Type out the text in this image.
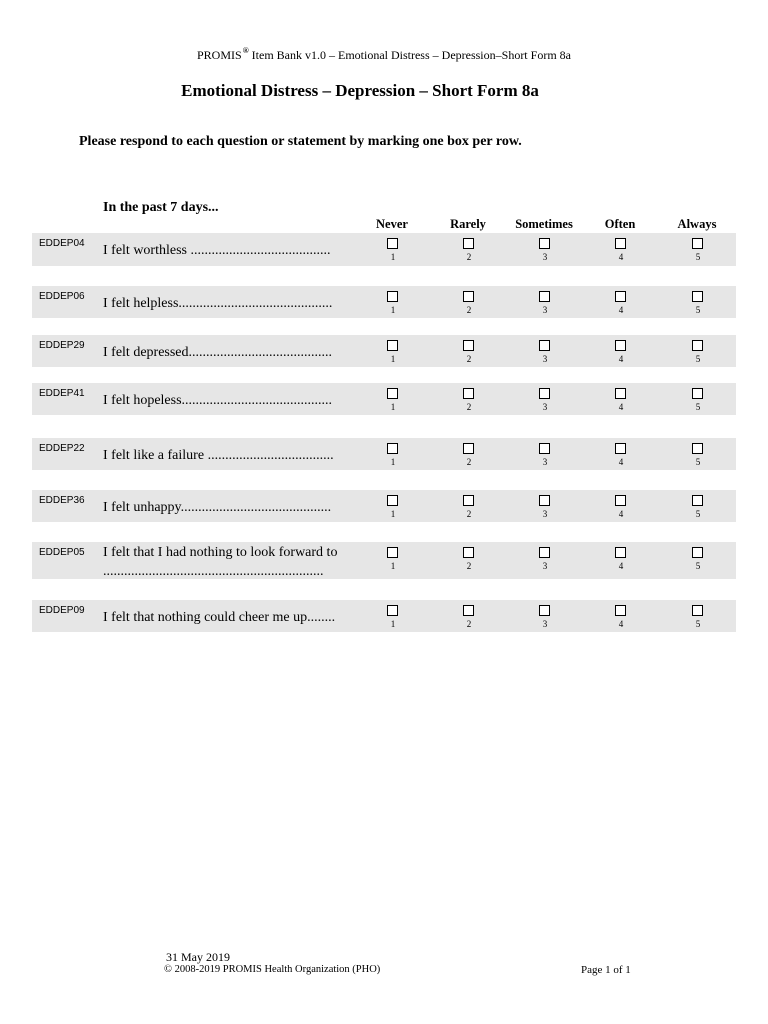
PROMIS® Item Bank v1.0 – Emotional Distress – Depression–Short Form 8a
Emotional Distress – Depression – Short Form 8a
Please respond to each question or statement by marking one box per row.
In the past 7 days...
Never	Rarely	Sometimes	Often	Always
EDDEP04 I felt worthless ........................................	1	2	3	4	5
EDDEP06 I felt helpless............................................	1	2	3	4	5
EDDEP29 I felt depressed.........................................	1	2	3	4	5
EDDEP41 I felt hopeless...........................................	1	2	3	4	5
EDDEP22 I felt like a failure ....................................	1	2	3	4	5
EDDEP36 I felt unhappy...........................................	1	2	3	4	5
EDDEP05 I felt that I had nothing to look forward to ...............................................................	1	2	3	4	5
EDDEP09 I felt that nothing could cheer me up........	1	2	3	4	5
31 May 2019
© 2008-2019 PROMIS Health Organization (PHO)	Page 1 of 1
